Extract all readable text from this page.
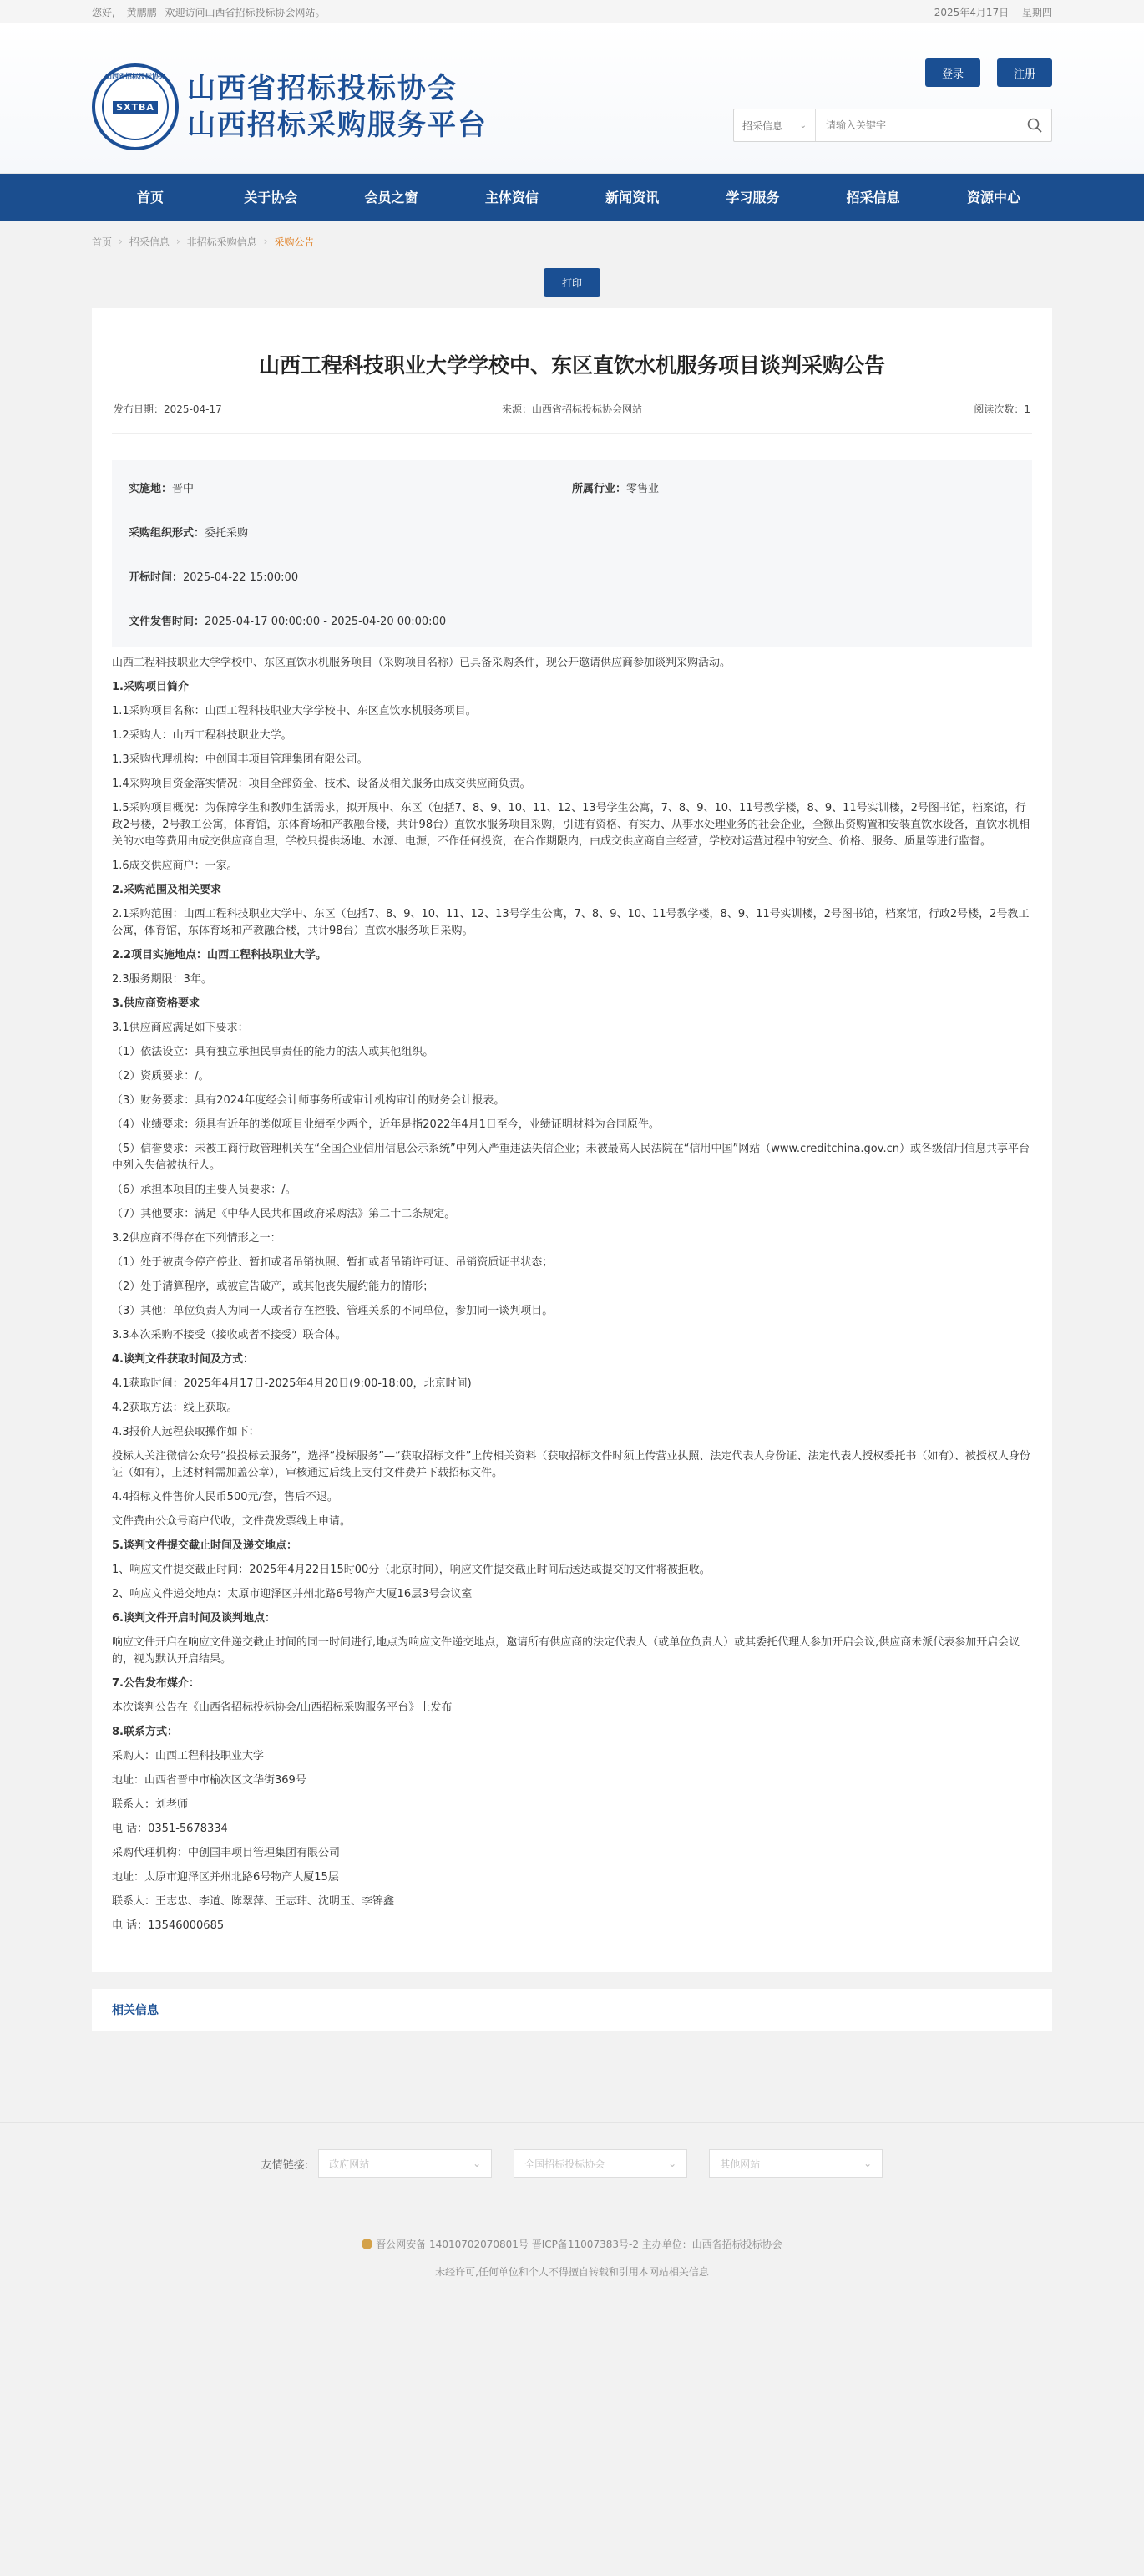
您好, 黄鹏鹏 欢迎访问山西省招标投标协会网站。	2025年4月17日 星期四
山西省招标投标协会
SXTBA
山西省招标投标协会
山西招标采购服务平台
登录	注册
招采信息 ⌄
请输入关键字
首页	关于协会	会员之窗	主体资信	新闻资讯	学习服务	招采信息	资源中心
首页 › 招采信息 › 非招标采购信息 › 采购公告
打印
山西工程科技职业大学学校中、东区直饮水机服务项目谈判采购公告
发布日期：2025-04-17	来源：山西省招标投标协会网站	阅读次数：1
实施地：晋中	所属行业：零售业
采购组织形式：委托采购
开标时间：2025-04-22 15:00:00
文件发售时间：2025-04-17 00:00:00 - 2025-04-20 00:00:00

山西工程科技职业大学学校中、东区直饮水机服务项目（采购项目名称）已具备采购条件，现公开邀请供应商参加谈判采购活动。

1.采购项目简介

1.1采购项目名称：山西工程科技职业大学学校中、东区直饮水机服务项目。

1.2采购人：山西工程科技职业大学。

1.3采购代理机构：中创国丰项目管理集团有限公司。

1.4采购项目资金落实情况：项目全部资金、技术、设备及相关服务由成交供应商负责。

1.5采购项目概况：为保障学生和教师生活需求，拟开展中、东区（包括7、8、9、10、11、12、13号学生公寓，7、8、9、10、11号教学楼，8、9、11号实训楼，2号图书馆，档案馆，行政2号楼，2号教工公寓，体育馆，东体育场和产教融合楼，共计98台）直饮水服务项目采购，引进有资格、有实力、从事水处理业务的社会企业，全额出资购置和安装直饮水设备，直饮水机相关的水电等费用由成交供应商自理，学校只提供场地、水源、电源，不作任何投资，在合作期限内，由成交供应商自主经营，学校对运营过程中的安全、价格、服务、质量等进行监督。

1.6成交供应商户：一家。

2.采购范围及相关要求

2.1采购范围：山西工程科技职业大学中、东区（包括7、8、9、10、11、12、13号学生公寓，7、8、9、10、11号教学楼，8、9、11号实训楼，2号图书馆，档案馆，行政2号楼，2号教工公寓，体育馆，东体育场和产教融合楼，共计98台）直饮水服务项目采购。

2.2项目实施地点：山西工程科技职业大学。

2.3服务期限：3年。

3.供应商资格要求

3.1供应商应满足如下要求：

（1）依法设立：具有独立承担民事责任的能力的法人或其他组织。

（2）资质要求：/。

（3）财务要求：具有2024年度经会计师事务所或审计机构审计的财务会计报表。

（4）业绩要求：须具有近年的类似项目业绩至少两个，近年是指2022年4月1日至今，业绩证明材料为合同原件。

（5）信誉要求：未被工商行政管理机关在“全国企业信用信息公示系统”中列入严重违法失信企业；未被最高人民法院在“信用中国”网站（www.creditchina.gov.cn）或各级信用信息共享平台中列入失信被执行人。

（6）承担本项目的主要人员要求：/。

（7）其他要求：满足《中华人民共和国政府采购法》第二十二条规定。

3.2供应商不得存在下列情形之一：

（1）处于被责令停产停业、暂扣或者吊销执照、暂扣或者吊销许可证、吊销资质证书状态；

（2）处于清算程序，或被宣告破产，或其他丧失履约能力的情形；

（3）其他：单位负责人为同一人或者存在控股、管理关系的不同单位，参加同一谈判项目。

3.3本次采购不接受（接收或者不接受）联合体。

4.谈判文件获取时间及方式：

4.1获取时间：2025年4月17日-2025年4月20日(9:00-18:00，北京时间)

4.2获取方法：线上获取。

4.3报价人远程获取操作如下：

投标人关注微信公众号“投投标云服务”，选择“投标服务”—“获取招标文件”上传相关资料（获取招标文件时须上传营业执照、法定代表人身份证、法定代表人授权委托书（如有）、被授权人身份证（如有），上述材料需加盖公章），审核通过后线上支付文件费并下载招标文件。

4.4招标文件售价人民币500元/套，售后不退。

文件费由公众号商户代收，文件费发票线上申请。

5.谈判文件提交截止时间及递交地点：

1、响应文件提交截止时间：2025年4月22日15时00分（北京时间），响应文件提交截止时间后送达或提交的文件将被拒收。

2、响应文件递交地点：太原市迎泽区并州北路6号物产大厦16层3号会议室

6.谈判文件开启时间及谈判地点：

响应文件开启在响应文件递交截止时间的同一时间进行,地点为响应文件递交地点，邀请所有供应商的法定代表人（或单位负责人）或其委托代理人参加开启会议,供应商未派代表参加开启会议的，视为默认开启结果。

7.公告发布媒介：

本次谈判公告在《山西省招标投标协会/山西招标采购服务平台》上发布

8.联系方式：

采购人：山西工程科技职业大学

地址：山西省晋中市榆次区文华街369号

联系人：刘老师

电 话：0351-5678334

采购代理机构：中创国丰项目管理集团有限公司

地址：太原市迎泽区并州北路6号物产大厦15层

联系人：王志忠、李道、陈翠萍、王志玮、沈明玉、李锦鑫

电 话：13546000685

相关信息
友情链接: 政府网站	⌄	全国招标投标协会	⌄	其他网站	⌄

晋公网安备 14010702070801号 晋ICP备11007383号-2 主办单位：山西省招标投标协会

未经许可,任何单位和个人不得擅自转载和引用本网站相关信息
